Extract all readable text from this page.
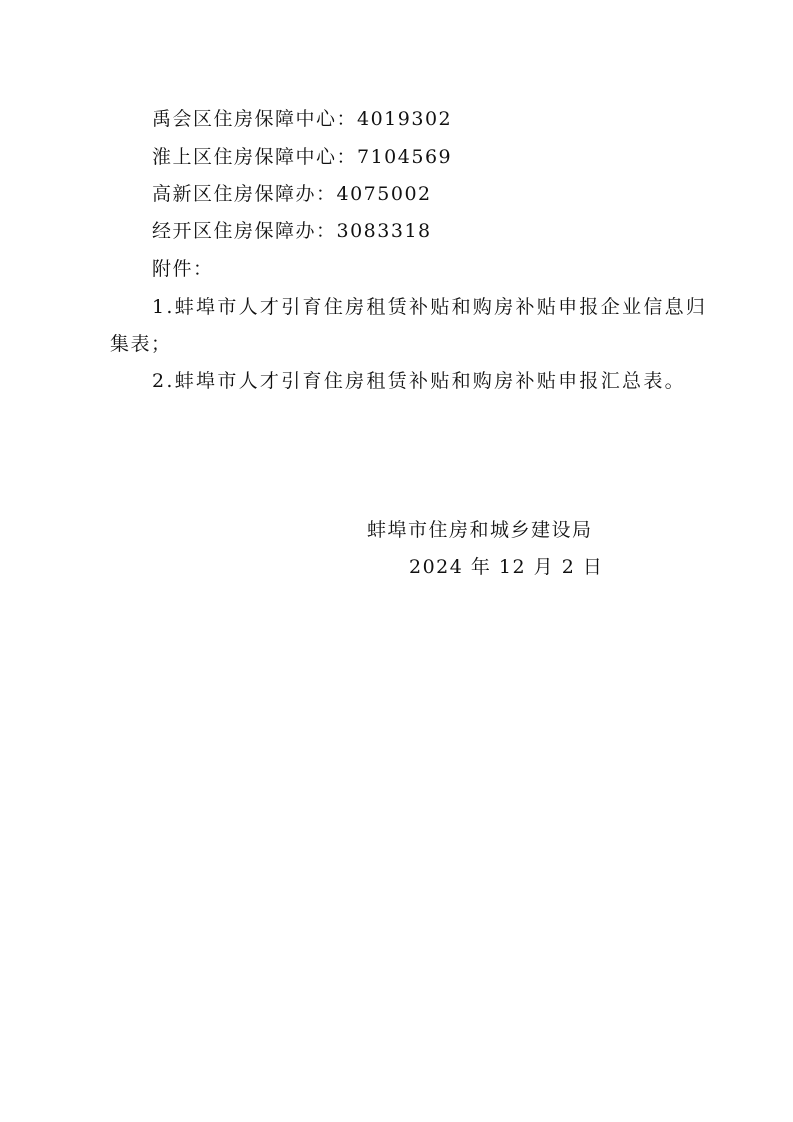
禹会区住房保障中心：4019302
淮上区住房保障中心：7104569
高新区住房保障办：4075002
经开区住房保障办：3083318
附件：
1.蚌埠市人才引育住房租赁补贴和购房补贴申报企业信息归
集表；
2.蚌埠市人才引育住房租赁补贴和购房补贴申报汇总表。
蚌埠市住房和城乡建设局
2024 年 12 月 2 日
